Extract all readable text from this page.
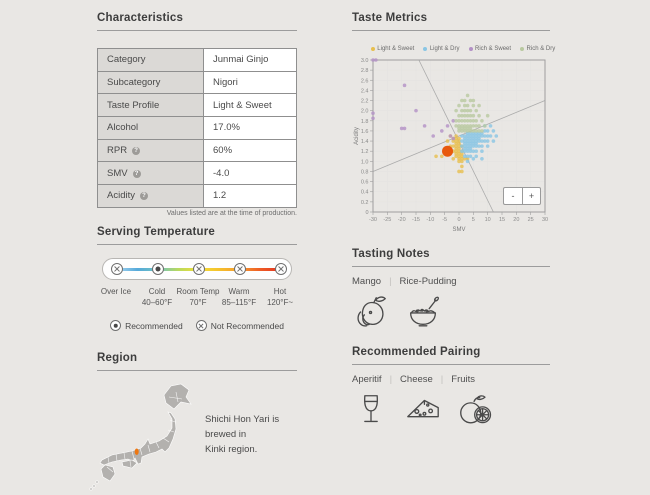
Characteristics
Category	Junmai Ginjo
Subcategory	Nigori
Taste Profile	Light & Sweet
Alcohol	17.0%
RPR ?	60%
SMV ?	-4.0
Acidity ?	1.2
Values listed are at the time of production.
Serving Temperature
Over Ice	Cold
40–60°F
Room Temp
70°F
Warm
85–115°F
Hot
120°F~
Recommended	Not Recommended
Region
Shichi Hon Yari is brewed in
Kinki region.
Taste Metrics
Light & Sweet	Light & Dry	Rich & Sweet	Rich & Dry
-30 -25 -20 -15 -10 -5 0 5 10 15 20 25 30
0
0.2
0.4
0.6
0.8
1.0
1.2
1.4
1.6
1.8
2.0
2.2
2.4
2.6
2.8
3.0
SMV
Acidity
-	+
Tasting Notes
Mango | Rice-Pudding
Recommended Pairing
Aperitif | Cheese | Fruits
